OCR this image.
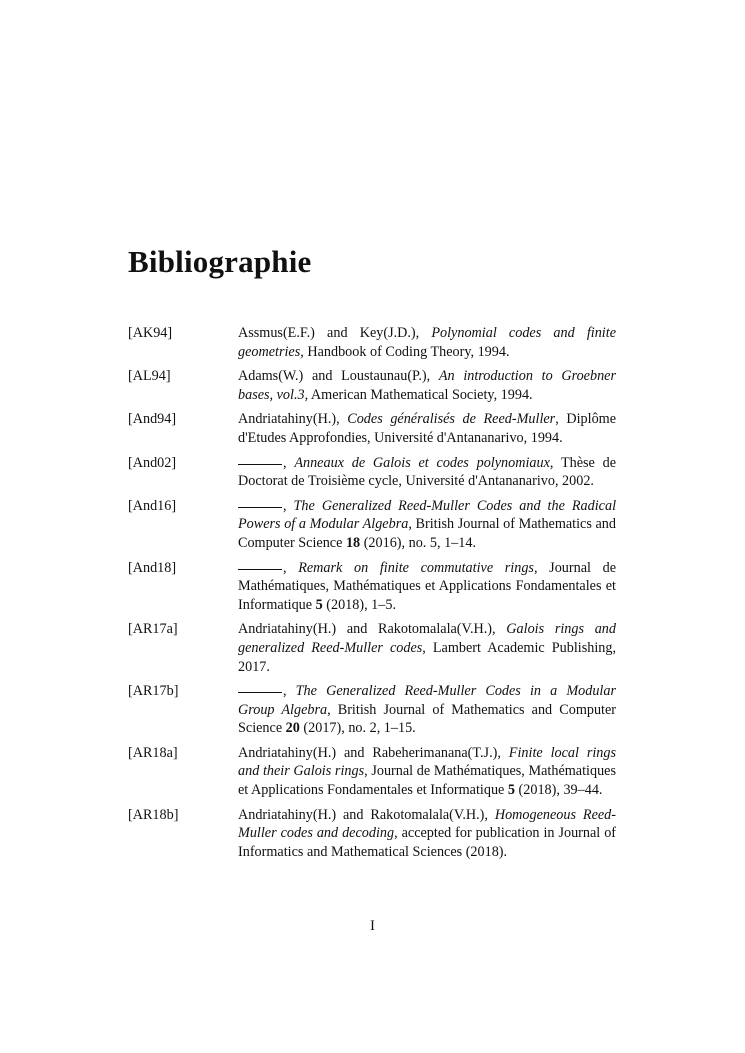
Bibliographie
[AK94]	Assmus(E.F.) and Key(J.D.), Polynomial codes and finite geometries, Handbook of Coding Theory, 1994.
[AL94]	Adams(W.) and Loustaunau(P.), An introduction to Groebner bases, vol.3, American Mathematical Society, 1994.
[And94]	Andriatahiny(H.), Codes généralisés de Reed-Muller, Diplôme d'Etudes Approfondies, Université d'Antananarivo, 1994.
[And02]	, Anneaux de Galois et codes polynomiaux, Thèse de Doctorat de Troisième cycle, Université d'Antananarivo, 2002.
[And16]	, The Generalized Reed-Muller Codes and the Radical Powers of a Modular Algebra, British Journal of Mathematics and Computer Science 18 (2016), no. 5, 1–14.
[And18]	, Remark on finite commutative rings, Journal de Mathématiques, Mathématiques et Applications Fondamentales et Informatique 5 (2018), 1–5.
[AR17a]	Andriatahiny(H.) and Rakotomalala(V.H.), Galois rings and generalized Reed-Muller codes, Lambert Academic Publishing, 2017.
[AR17b]	, The Generalized Reed-Muller Codes in a Modular Group Algebra, British Journal of Mathematics and Computer Science 20 (2017), no. 2, 1–15.
[AR18a]	Andriatahiny(H.) and Rabeherimanana(T.J.), Finite local rings and their Galois rings, Journal de Mathématiques, Mathématiques et Applications Fondamentales et Informatique 5 (2018), 39–44.
[AR18b]	Andriatahiny(H.) and Rakotomalala(V.H.), Homogeneous Reed-Muller codes and decoding, accepted for publication in Journal of Informatics and Mathematical Sciences (2018).
I
